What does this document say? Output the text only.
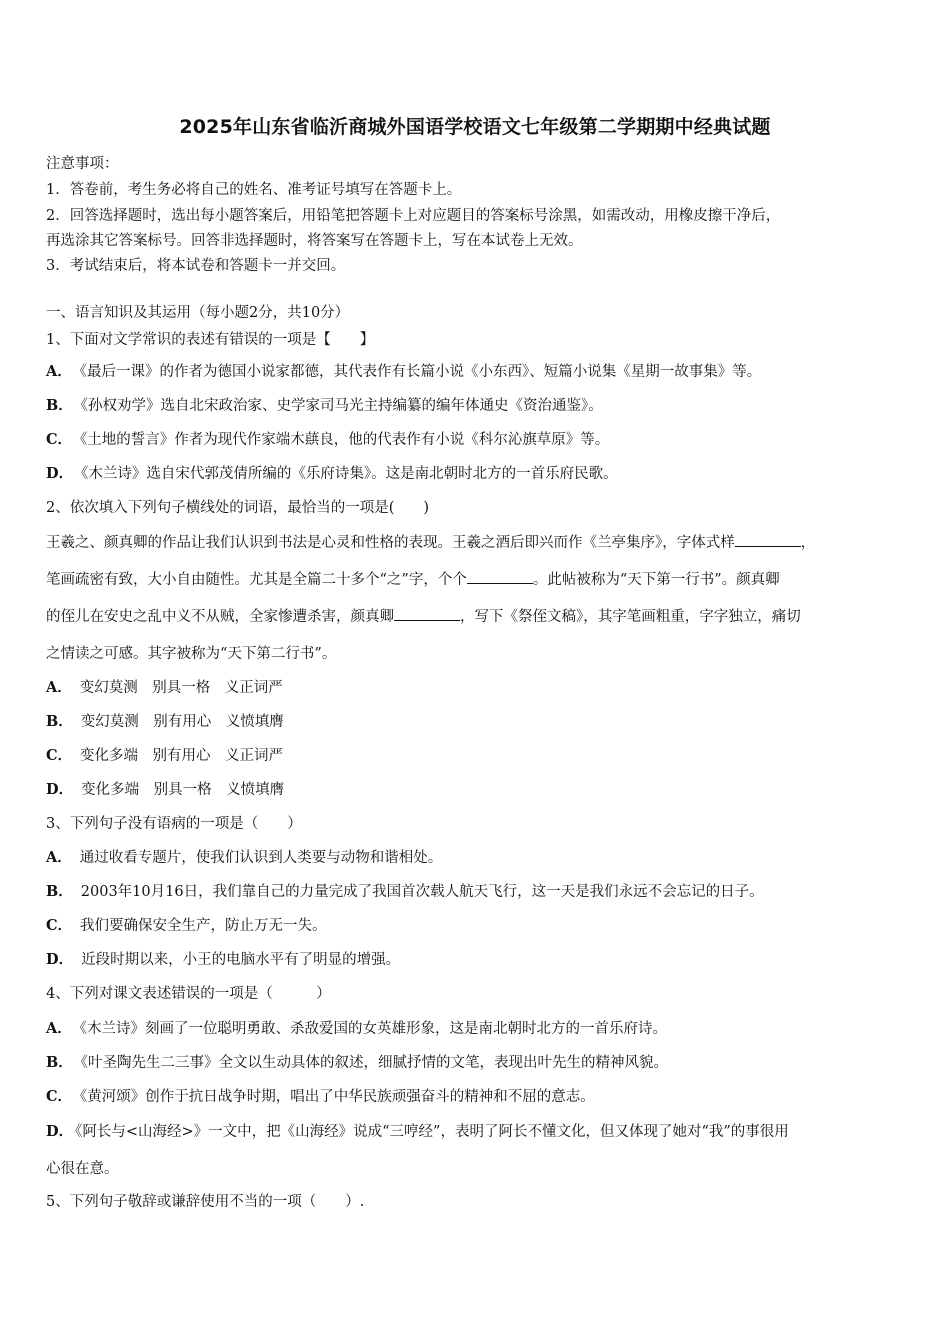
2025年山东省临沂商城外国语学校语文七年级第二学期期中经典试题
注意事项：
1．答卷前，考生务必将自己的姓名、准考证号填写在答题卡上。
2．回答选择题时，选出每小题答案后，用铅笔把答题卡上对应题目的答案标号涂黑，如需改动，用橡皮擦干净后，
再选涂其它答案标号。回答非选择题时，将答案写在答题卡上，写在本试卷上无效。
3．考试结束后，将本试卷和答题卡一并交回。
一、语言知识及其运用（每小题2分，共10分）
1、下面对文学常识的表述有错误的一项是【　　】
A． 《最后一课》的作者为德国小说家都德，其代表作有长篇小说《小东西》、短篇小说集《星期一故事集》等。
B． 《孙权劝学》选自北宋政治家、史学家司马光主持编纂的编年体通史《资治通鉴》。
C． 《土地的誓言》作者为现代作家端木蕻良，他的代表作有小说《科尔沁旗草原》等。
D． 《木兰诗》选自宋代郭茂倩所编的《乐府诗集》。这是南北朝时北方的一首乐府民歌。
2、依次填入下列句子横线处的词语，最恰当的一项是(　　)
王羲之、颜真卿的作品让我们认识到书法是心灵和性格的表现。王羲之酒后即兴而作《兰亭集序》，字体式样	，
笔画疏密有致，大小自由随性。尤其是全篇二十多个“之”字，个个	。此帖被称为“天下第一行书”。颜真卿
的侄儿在安史之乱中义不从贼，全家惨遭杀害，颜真卿	，写下《祭侄文稿》，其字笔画粗重，字字独立，痛切
之情读之可感。其字被称为“天下第二行书”。
A． 变幻莫测　别具一格　义正词严
B． 变幻莫测　别有用心　义愤填膺
C． 变化多端　别有用心　义正词严
D． 变化多端　别具一格　义愤填膺
3、下列句子没有语病的一项是（　　）
A． 通过收看专题片，使我们认识到人类要与动物和谐相处。
B． 2003年10月16日，我们靠自己的力量完成了我国首次载人航天飞行，这一天是我们永远不会忘记的日子。
C． 我们要确保安全生产，防止万无一失。
D． 近段时期以来，小王的电脑水平有了明显的增强。
4、下列对课文表述错误的一项是（　　　）
A． 《木兰诗》刻画了一位聪明勇敢、杀敌爱国的女英雄形象，这是南北朝时北方的一首乐府诗。
B． 《叶圣陶先生二三事》全文以生动具体的叙述，细腻抒情的文笔，表现出叶先生的精神风貌。
C． 《黄河颂》创作于抗日战争时期，唱出了中华民族顽强奋斗的精神和不屈的意志。
D． 《阿长与<山海经>》一文中，把《山海经》说成“三哼经”，表明了阿长不懂文化，但又体现了她对“我”的事很用
心很在意。
5、下列句子敬辞或谦辞使用不当的一项（　　）.
